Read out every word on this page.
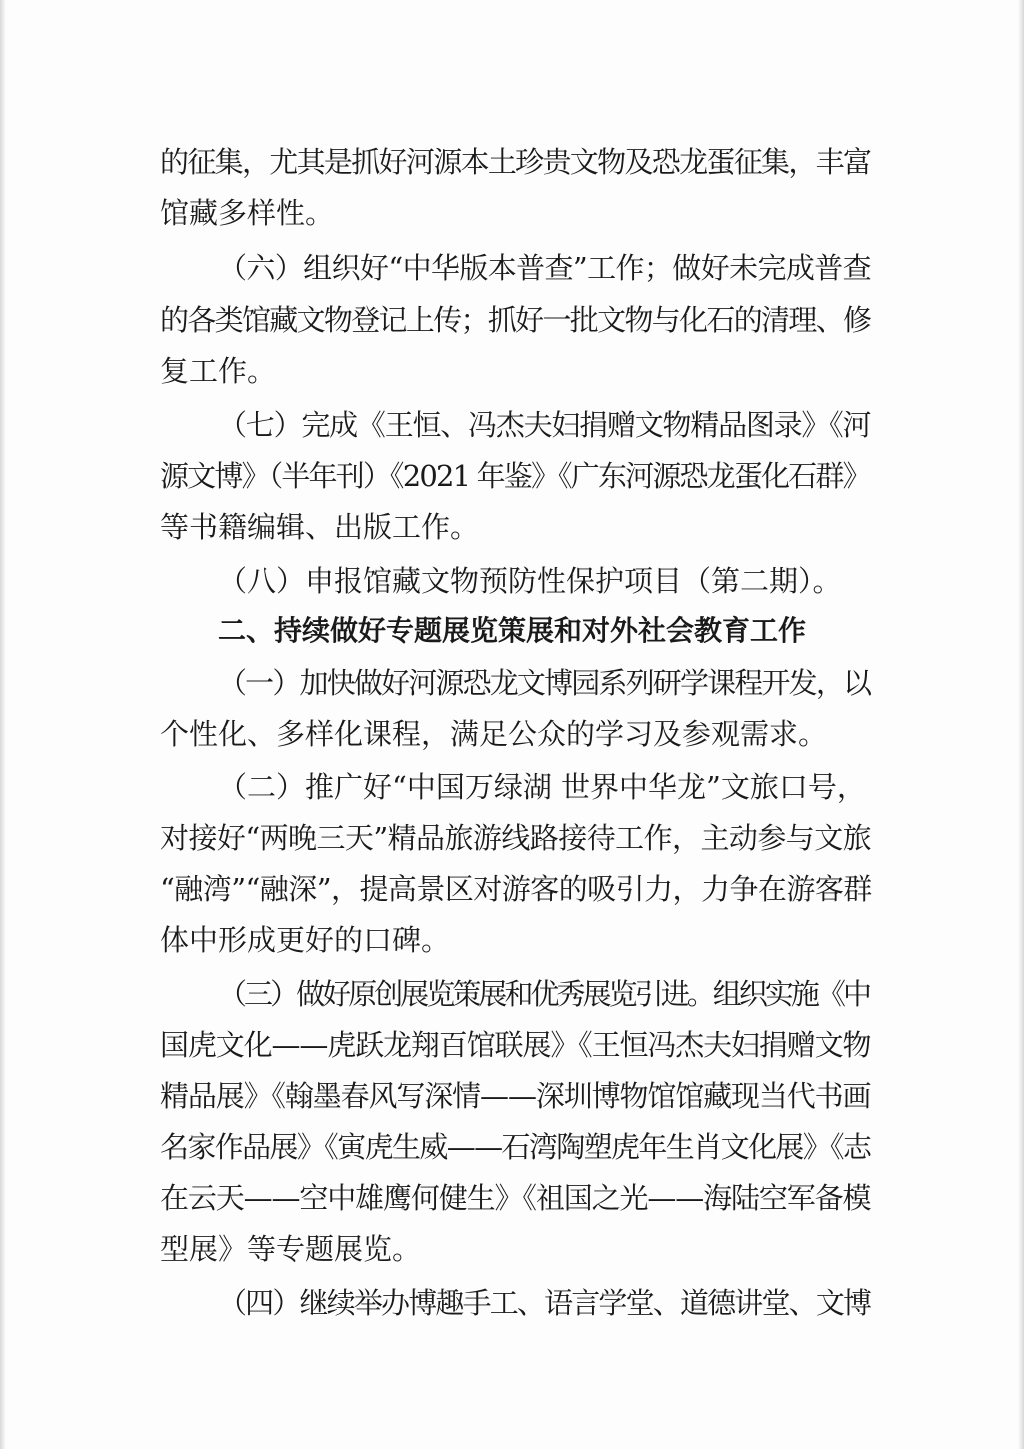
的征集，尤其是抓好河源本土珍贵文物及恐龙蛋征集，丰富
馆藏多样性。
（六）组织好“中华版本普查”工作；做好未完成普查
的各类馆藏文物登记上传；抓好一批文物与化石的清理、修
复工作。
（七）完成《王恒、冯杰夫妇捐赠文物精品图录》《河
源文博》（半年刊）《2021 年鉴》《广东河源恐龙蛋化石群》
等书籍编辑、出版工作。
（八）申报馆藏文物预防性保护项目（第二期）。
二、持续做好专题展览策展和对外社会教育工作
（一）加快做好河源恐龙文博园系列研学课程开发，以
个性化、多样化课程，满足公众的学习及参观需求。
（二）推广好“中国万绿湖 世界中华龙”文旅口号，
对接好“两晚三天”精品旅游线路接待工作，主动参与文旅
“融湾”“融深”，提高景区对游客的吸引力，力争在游客群
体中形成更好的口碑。
（三）做好原创展览策展和优秀展览引进。组织实施《中
国虎文化——虎跃龙翔百馆联展》《王恒冯杰夫妇捐赠文物
精品展》《翰墨春风写深情——深圳博物馆馆藏现当代书画
名家作品展》《寅虎生威——石湾陶塑虎年生肖文化展》《志
在云天——空中雄鹰何健生》《祖国之光——海陆空军备模
型展》等专题展览。
（四）继续举办博趣手工、语言学堂、道德讲堂、文博
